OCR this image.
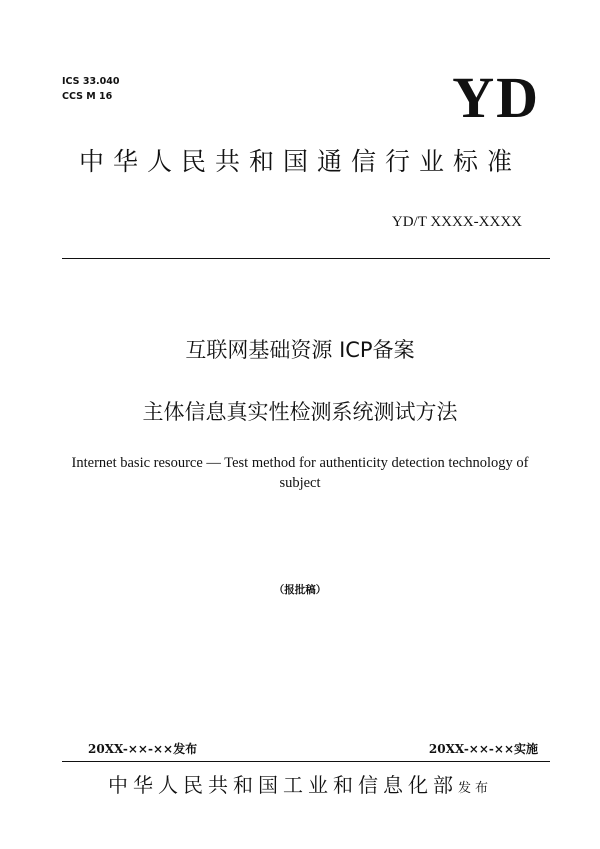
ICS 33.040
CCS M 16	YD
中华人民共和国通信行业标准
YD/T XXXX-XXXX
互联网基础资源 ICP备案
主体信息真实性检测系统测试方法
Internet basic resource — Test method for authenticity detection technology of subject
（报批稿）
20XX-××-××发布	20XX-××-××实施
中华人民共和国工业和信息化部发布
